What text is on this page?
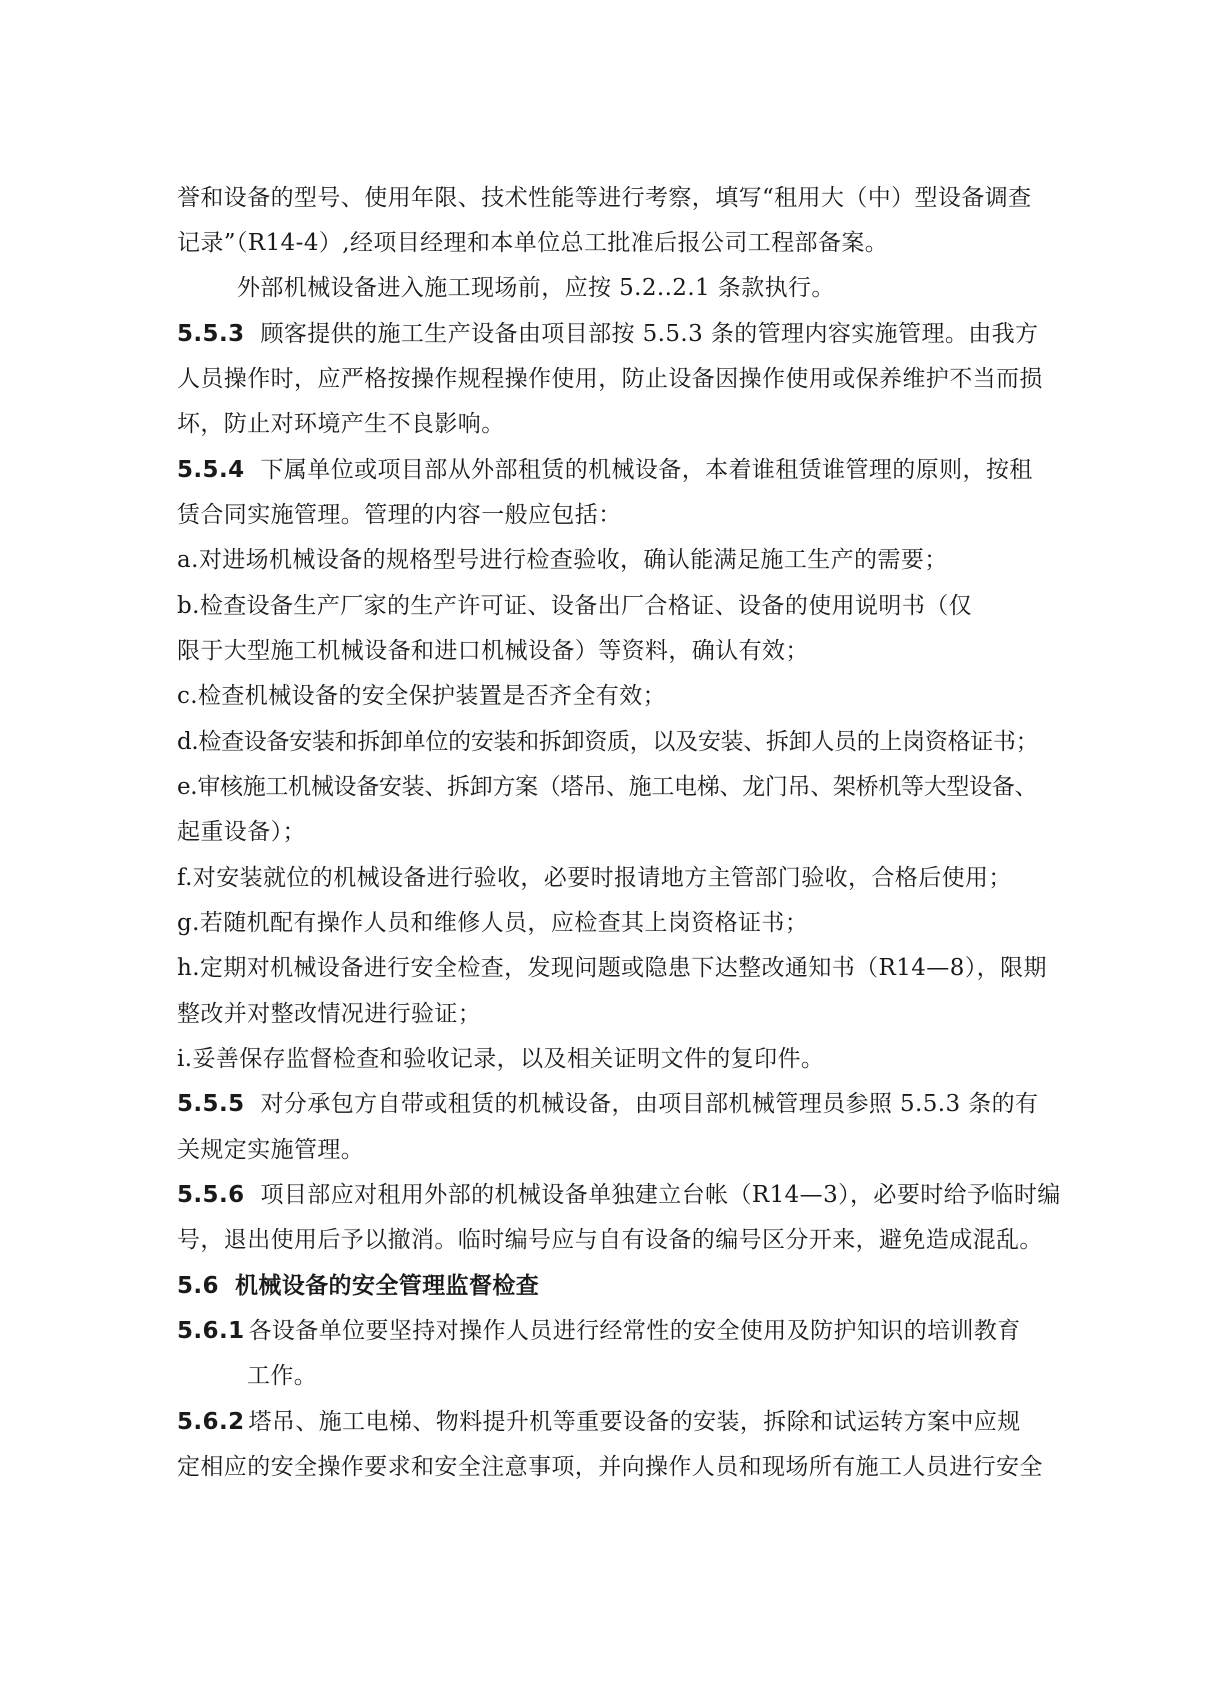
誉和设备的型号、使用年限、技术性能等进行考察，填写“租用大（中）型设备调查
记录”（R14-4）,经项目经理和本单位总工批准后报公司工程部备案。
外部机械设备进入施工现场前，应按 5.2..2.1 条款执行。
5.5.3 顾客提供的施工生产设备由项目部按 5.5.3 条的管理内容实施管理。由我方
人员操作时，应严格按操作规程操作使用，防止设备因操作使用或保养维护不当而损
坏，防止对环境产生不良影响。
5.5.4 下属单位或项目部从外部租赁的机械设备，本着谁租赁谁管理的原则，按租
赁合同实施管理。管理的内容一般应包括：
a.对进场机械设备的规格型号进行检查验收，确认能满足施工生产的需要；
b.检查设备生产厂家的生产许可证、设备出厂合格证、设备的使用说明书（仅
限于大型施工机械设备和进口机械设备）等资料，确认有效；
c.检查机械设备的安全保护装置是否齐全有效；
d.检查设备安装和拆卸单位的安装和拆卸资质，以及安装、拆卸人员的上岗资格证书；
e.审核施工机械设备安装、拆卸方案（塔吊、施工电梯、龙门吊、架桥机等大型设备、
起重设备）；
f.对安装就位的机械设备进行验收，必要时报请地方主管部门验收，合格后使用；
g.若随机配有操作人员和维修人员，应检查其上岗资格证书；
h.定期对机械设备进行安全检查，发现问题或隐患下达整改通知书（R14—8），限期
整改并对整改情况进行验证；
i.妥善保存监督检查和验收记录，以及相关证明文件的复印件。
5.5.5 对分承包方自带或租赁的机械设备，由项目部机械管理员参照 5.5.3 条的有
关规定实施管理。
5.5.6 项目部应对租用外部的机械设备单独建立台帐（R14—3），必要时给予临时编
号，退出使用后予以撤消。临时编号应与自有设备的编号区分开来，避免造成混乱。
5.6 机械设备的安全管理监督检查
5.6.1 各设备单位要坚持对操作人员进行经常性的安全使用及防护知识的培训教育
工作。
5.6.2 塔吊、施工电梯、物料提升机等重要设备的安装，拆除和试运转方案中应规
定相应的安全操作要求和安全注意事项，并向操作人员和现场所有施工人员进行安全
